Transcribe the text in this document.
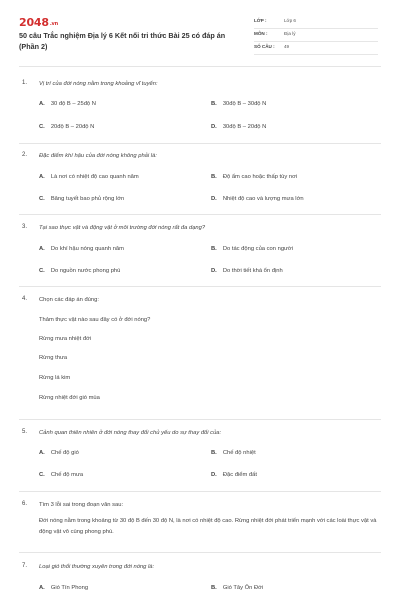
2048.vn
50 câu Trắc nghiệm Địa lý 6 Kết nối tri thức Bài 25 có đáp án (Phần 2)
LỚP :	Lớp 6
MÔN :	Địa lý
SỐ CÂU : 49
1. Vị trí của đới nóng nằm trong khoảng vĩ tuyến:
A. 30 độ B – 25độ N	B. 30độ B – 30độ N
C. 20độ B – 20độ N	D. 30độ B – 20độ N
2. Đặc điểm khí hậu của đới nóng không phải là:
A. Là nơi có nhiệt độ cao quanh năm	B. Độ ẩm cao hoặc thấp tùy nơi
C. Băng tuyết bao phủ rộng lớn	D. Nhiệt độ cao và lượng mưa lớn
3. Tại sao thực vật và động vật ở môi trường đới nóng rất đa dạng?
A. Do khí hậu nóng quanh năm	B. Do tác động của con người
C. Do nguồn nước phong phú	D. Do thời tiết khá ổn định
4. Chọn các đáp án đúng:
Thảm thực vật nào sau đây có ở đới nóng?
Rừng mưa nhiệt đới
Rừng thưa
Rừng lá kim
Rừng nhiệt đới gió mùa
5. Cảnh quan thiên nhiên ở đới nóng thay đổi chủ yếu do sự thay đổi của:
A. Chế độ gió	B. Chế độ nhiệt
C. Chế độ mưa	D. Đặc điểm đất
6. Tìm 3 lỗi sai trong đoạn văn sau:
Đới nóng nằm trong khoảng từ 30 độ B đến 30 độ N, là nơi có nhiệt độ cao. Rừng nhiệt đới phát triển mạnh với các loài thực vật và động vật vô cùng phong phú.
7. Loại gió thổi thường xuyên trong đới nóng là:
A. Gió Tín Phong	B. Gió Tây Ôn Đới
